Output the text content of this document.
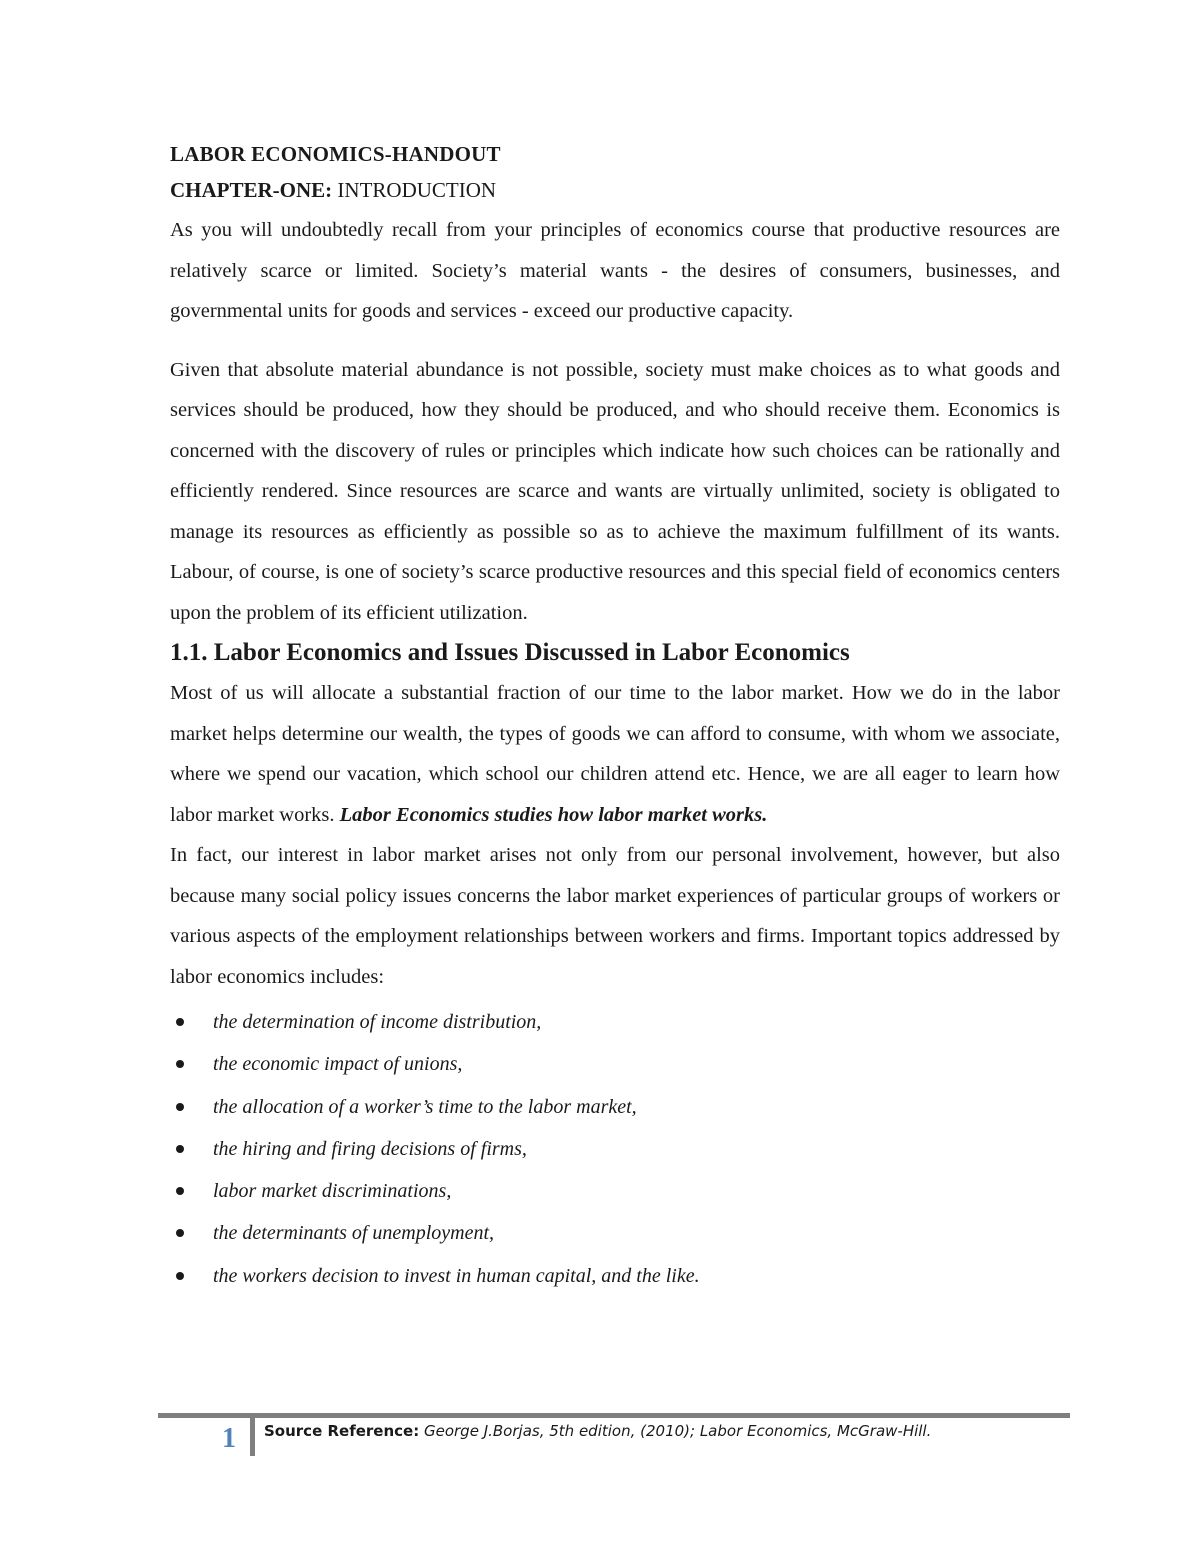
LABOR ECONOMICS-HANDOUT
CHAPTER-ONE: INTRODUCTION

As you will undoubtedly recall from your principles of economics course that productive resources are relatively scarce or limited. Society’s material wants - the desires of consumers, businesses, and governmental units for goods and services - exceed our productive capacity.

Given that absolute material abundance is not possible, society must make choices as to what goods and services should be produced, how they should be produced, and who should receive them. Economics is concerned with the discovery of rules or principles which indicate how such choices can be rationally and efficiently rendered. Since resources are scarce and wants are virtually unlimited, society is obligated to manage its resources as efficiently as possible so as to achieve the maximum fulfillment of its wants. Labour, of course, is one of society’s scarce productive resources and this special field of economics centers upon the problem of its efficient utilization.

1.1. Labor Economics and Issues Discussed in Labor Economics

Most of us will allocate a substantial fraction of our time to the labor market. How we do in the labor market helps determine our wealth, the types of goods we can afford to consume, with whom we associate, where we spend our vacation, which school our children attend etc. Hence, we are all eager to learn how labor market works. Labor Economics studies how labor market works.

In fact, our interest in labor market arises not only from our personal involvement, however, but also because many social policy issues concerns the labor market experiences of particular groups of workers or various aspects of the employment relationships between workers and firms. Important topics addressed by labor economics includes:

the determination of income distribution,
the economic impact of unions,
the allocation of a worker’s time to the labor market,
the hiring and firing decisions of firms,
labor market discriminations,
the determinants of unemployment,
the workers decision to invest in human capital, and the like.
1 Source Reference: George J.Borjas, 5th edition, (2010); Labor Economics, McGraw-Hill.
